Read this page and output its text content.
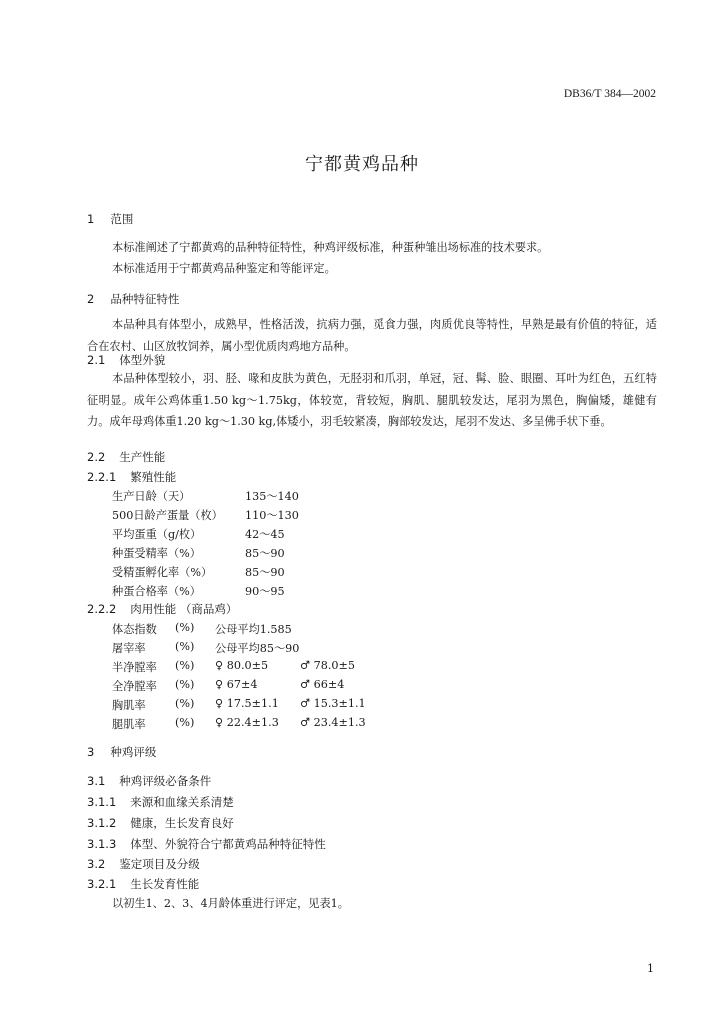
DB36/T 384—2002
宁都黄鸡品种
1 范围
本标准阐述了宁都黄鸡的品种特征特性，种鸡评级标准，种蛋种雏出场标准的技术要求。
本标准适用于宁都黄鸡品种鉴定和等能评定。
2 品种特征特性
本品种具有体型小，成熟早，性格活泼，抗病力强，觅食力强，肉质优良等特性，早熟是最有价值的特征，适合在农村、山区放牧饲养，属小型优质肉鸡地方品种。
2.1 体型外貌
本品种体型较小，羽、胫、喙和皮肤为黄色，无胫羽和爪羽，单冠，冠、髯、脸、眼圈、耳叶为红色，五红特征明显。成年公鸡体重1.50 kg～1.75kg，体较宽，背较短，胸肌、腿肌较发达，尾羽为黑色，胸偏矮，雄健有力。成年母鸡体重1.20 kg～1.30 kg,体矮小，羽毛较紧凑，胸部较发达，尾羽不发达、多呈佛手状下垂。
2.2 生产性能
2.2.1 繁殖性能
生产日龄（天）	135～140
500日龄产蛋量（枚） 110～130
平均蛋重（g/枚）	42～45
种蛋受精率（%）	85～90
受精蛋孵化率（%）	85～90
种蛋合格率（%）	90～95
2.2.2 肉用性能 （商品鸡）
体态指数 (%) 公母平均1.585
屠宰率	(%) 公母平均85～90
半净膛率 (%) ♀ 80.0±5	♂ 78.0±5
全净膛率 (%) ♀ 67±4	♂ 66±4
胸肌率	(%) ♀ 17.5±1.1 ♂ 15.3±1.1
腿肌率	(%) ♀ 22.4±1.3 ♂ 23.4±1.3
3 种鸡评级
3.1 种鸡评级必备条件
3.1.1 来源和血缘关系清楚
3.1.2 健康，生长发育良好
3.1.3 体型、外貌符合宁都黄鸡品种特征特性
3.2 鉴定项目及分级
3.2.1 生长发育性能
以初生1、2、3、4月龄体重进行评定，见表1。
1
